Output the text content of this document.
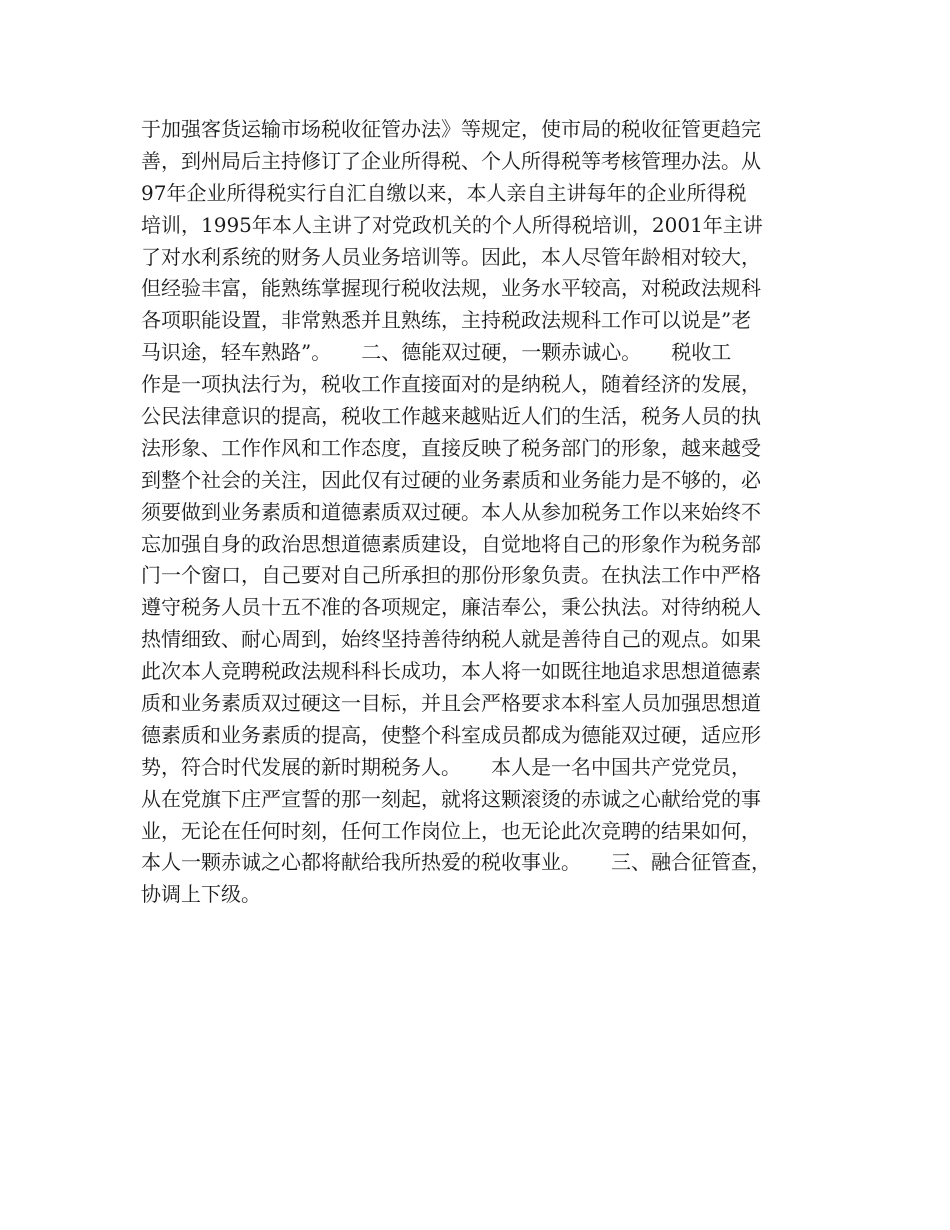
于加强客货运输市场税收征管办法》等规定，使市局的税收征管更趋完
善，到州局后主持修订了企业所得税、个人所得税等考核管理办法。从
97年企业所得税实行自汇自缴以来，本人亲自主讲每年的企业所得税
培训，1995年本人主讲了对党政机关的个人所得税培训，2001年主讲
了对水利系统的财务人员业务培训等。因此，本人尽管年龄相对较大，
但经验丰富，能熟练掌握现行税收法规，业务水平较高，对税政法规科
各项职能设置，非常熟悉并且熟练，主持税政法规科工作可以说是”老
马识途，轻车熟路”。　　二、德能双过硬，一颗赤诚心。　　税收工
作是一项执法行为，税收工作直接面对的是纳税人，随着经济的发展，
公民法律意识的提高，税收工作越来越贴近人们的生活，税务人员的执
法形象、工作作风和工作态度，直接反映了税务部门的形象，越来越受
到整个社会的关注，因此仅有过硬的业务素质和业务能力是不够的，必
须要做到业务素质和道德素质双过硬。本人从参加税务工作以来始终不
忘加强自身的政治思想道德素质建设，自觉地将自己的形象作为税务部
门一个窗口，自己要对自己所承担的那份形象负责。在执法工作中严格
遵守税务人员十五不准的各项规定，廉洁奉公，秉公执法。对待纳税人
热情细致、耐心周到，始终坚持善待纳税人就是善待自己的观点。如果
此次本人竞聘税政法规科科长成功，本人将一如既往地追求思想道德素
质和业务素质双过硬这一目标，并且会严格要求本科室人员加强思想道
德素质和业务素质的提高，使整个科室成员都成为德能双过硬，适应形
势，符合时代发展的新时期税务人。　　本人是一名中国共产党党员，
从在党旗下庄严宣誓的那一刻起，就将这颗滚烫的赤诚之心献给党的事
业，无论在任何时刻，任何工作岗位上，也无论此次竞聘的结果如何，
本人一颗赤诚之心都将献给我所热爱的税收事业。　　三、融合征管查，
协调上下级。
